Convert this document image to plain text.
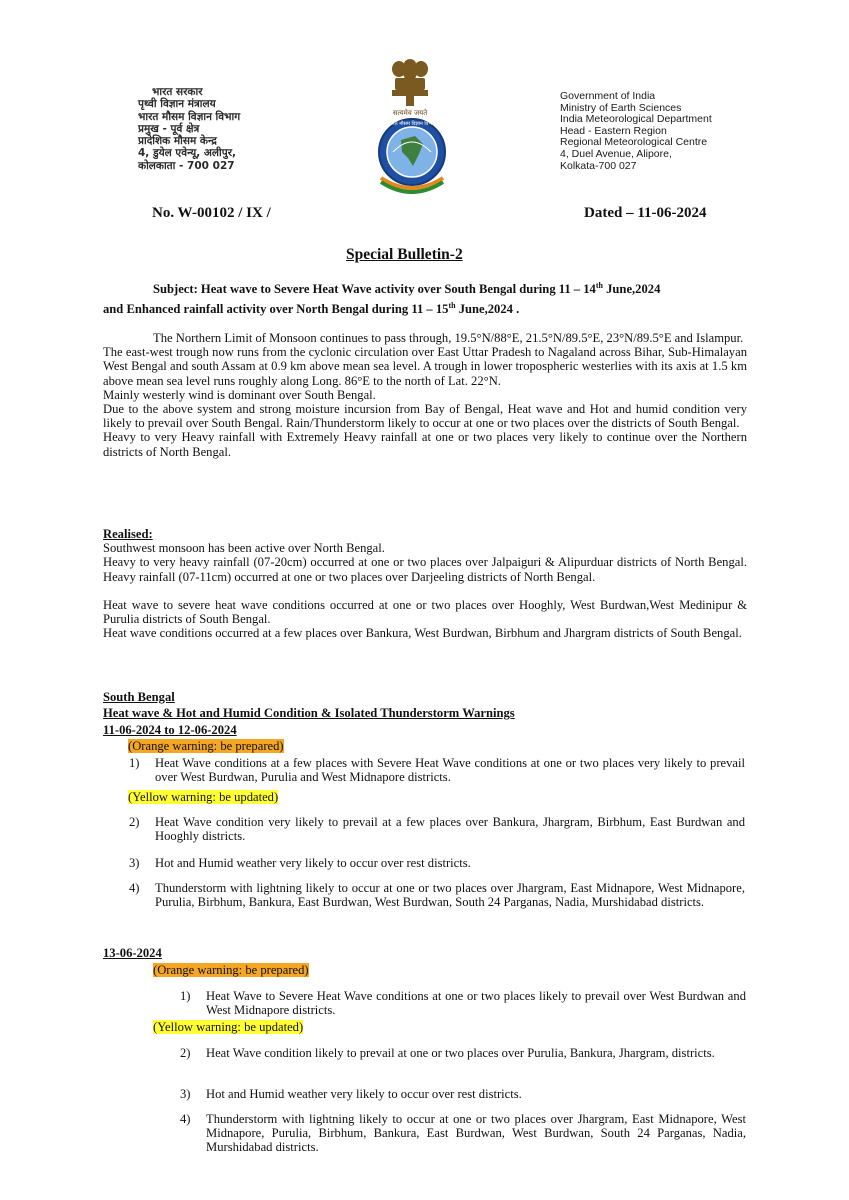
भारत सरकार
पृथ्वी विज्ञान मंत्रालय
भारत मौसम विज्ञान विभाग
प्रमुख - पूर्व क्षेत्र
प्रादेशिक मौसम केन्द्र
4, डुयेल एवेन्यू, अलीपुर,
कोलकाता - 700 027
सत्यमेव जयते
भारत मौसम विज्ञान विभाग
Government of India
Ministry of Earth Sciences
India Meteorological Department
Head - Eastern Region
Regional Meteorological Centre
4, Duel Avenue, Alipore,
Kolkata-700 027
No. W-00102 / IX /	Dated – 11-06-2024
Special Bulletin-2
Subject: Heat wave to Severe Heat Wave activity over South Bengal during 11 – 14th June,2024
and Enhanced rainfall activity over North Bengal during 11 – 15th June,2024 .

The Northern Limit of Monsoon continues to pass through, 19.5°N/88°E, 21.5°N/89.5°E, 23°N/89.5°E and Islampur.

The east-west trough now runs from the cyclonic circulation over East Uttar Pradesh to Nagaland across Bihar, Sub-Himalayan West Bengal and south Assam at 0.9 km above mean sea level. A trough in lower tropospheric westerlies with its axis at 1.5 km above mean sea level runs roughly along Long. 86°E to the north of Lat. 22°N.

Mainly westerly wind is dominant over South Bengal.

Due to the above system and strong moisture incursion from Bay of Bengal, Heat wave and Hot and humid condition very likely to prevail over South Bengal. Rain/Thunderstorm likely to occur at one or two places over the districts of South Bengal.

Heavy to very Heavy rainfall with Extremely Heavy rainfall at one or two places very likely to continue over the Northern districts of North Bengal.

Realised:

Southwest monsoon has been active over North Bengal.

Heavy to very heavy rainfall (07-20cm) occurred at one or two places over Jalpaiguri & Alipurduar districts of North Bengal. Heavy rainfall (07-11cm) occurred at one or two places over Darjeeling districts of North Bengal.

Heat wave to severe heat wave conditions occurred at one or two places over Hooghly, West Burdwan,West Medinipur & Purulia districts of South Bengal.

Heat wave conditions occurred at a few places over Bankura, West Burdwan, Birbhum and Jhargram districts of South Bengal.

South Bengal
Heat wave & Hot and Humid Condition & Isolated Thunderstorm Warnings
11-06-2024 to 12-06-2024
(Orange warning: be prepared)
1) Heat Wave conditions at a few places with Severe Heat Wave conditions at one or two places very likely to prevail over West Burdwan, Purulia and West Midnapore districts.
(Yellow warning: be updated)
2) Heat Wave condition very likely to prevail at a few places over Bankura, Jhargram, Birbhum, East Burdwan and Hooghly districts.
3) Hot and Humid weather very likely to occur over rest districts.
4) Thunderstorm with lightning likely to occur at one or two places over Jhargram, East Midnapore, West Midnapore, Purulia, Birbhum, Bankura, East Burdwan, West Burdwan, South 24 Parganas, Nadia, Murshidabad districts.
13-06-2024
(Orange warning: be prepared)
1) Heat Wave to Severe Heat Wave conditions at one or two places likely to prevail over West Burdwan and West Midnapore districts.
(Yellow warning: be updated)
2) Heat Wave condition likely to prevail at one or two places over Purulia, Bankura, Jhargram, districts.
3) Hot and Humid weather very likely to occur over rest districts.
4) Thunderstorm with lightning likely to occur at one or two places over Jhargram, East Midnapore, West Midnapore, Purulia, Birbhum, Bankura, East Burdwan, West Burdwan, South 24 Parganas, Nadia, Murshidabad districts.
